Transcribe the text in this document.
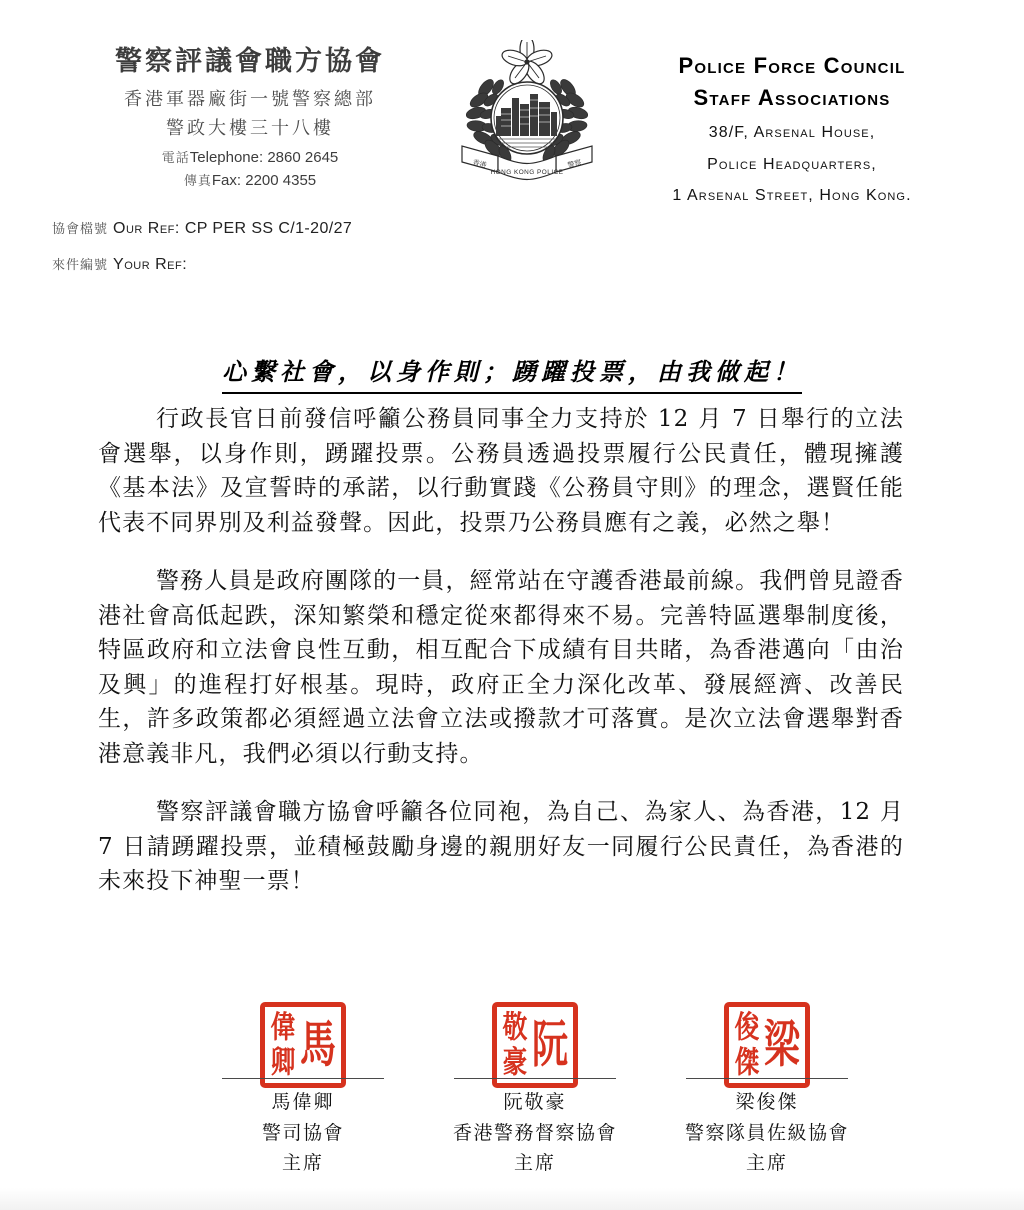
警察評議會職方協會
香港軍器廠街一號警察總部
警政大樓三十八樓
電話Telephone: 2860 2645
傳真Fax: 2200 4355
香港	警察
HONG KONG POLICE
Police Force Council
Staff Associations
38/F, Arsenal House,
Police Headquarters,
1 Arsenal Street, Hong Kong.
協會檔號 Our Ref: CP PER SS C/1-20/27
來件編號 Your Ref:
心繫社會，以身作則；踴躍投票，由我做起！

行政長官日前發信呼籲公務員同事全力支持於 12 月 7 日舉行的立法會選舉，以身作則，踴躍投票。公務員透過投票履行公民責任，體現擁護《基本法》及宣誓時的承諾，以行動實踐《公務員守則》的理念，選賢任能代表不同界別及利益發聲。因此，投票乃公務員應有之義，必然之舉！

警務人員是政府團隊的一員，經常站在守護香港最前線。我們曾見證香港社會高低起跌，深知繁榮和穩定從來都得來不易。完善特區選舉制度後，特區政府和立法會良性互動，相互配合下成績有目共睹，為香港邁向「由治及興」的進程打好根基。現時，政府正全力深化改革、發展經濟、改善民生，許多政策都必須經過立法會立法或撥款才可落實。是次立法會選舉對香港意義非凡，我們必須以行動支持。

警察評議會職方協會呼籲各位同袍，為自己、為家人、為香港，12 月 7 日請踴躍投票，並積極鼓勵身邊的親朋好友一同履行公民責任，為香港的未來投下神聖一票！

偉 馬
卿
馬偉卿
警司協會
主席
敬 阮
豪
阮敬豪
香港警務督察協會
主席
俊 梁
傑
梁俊傑
警察隊員佐級協會
主席
